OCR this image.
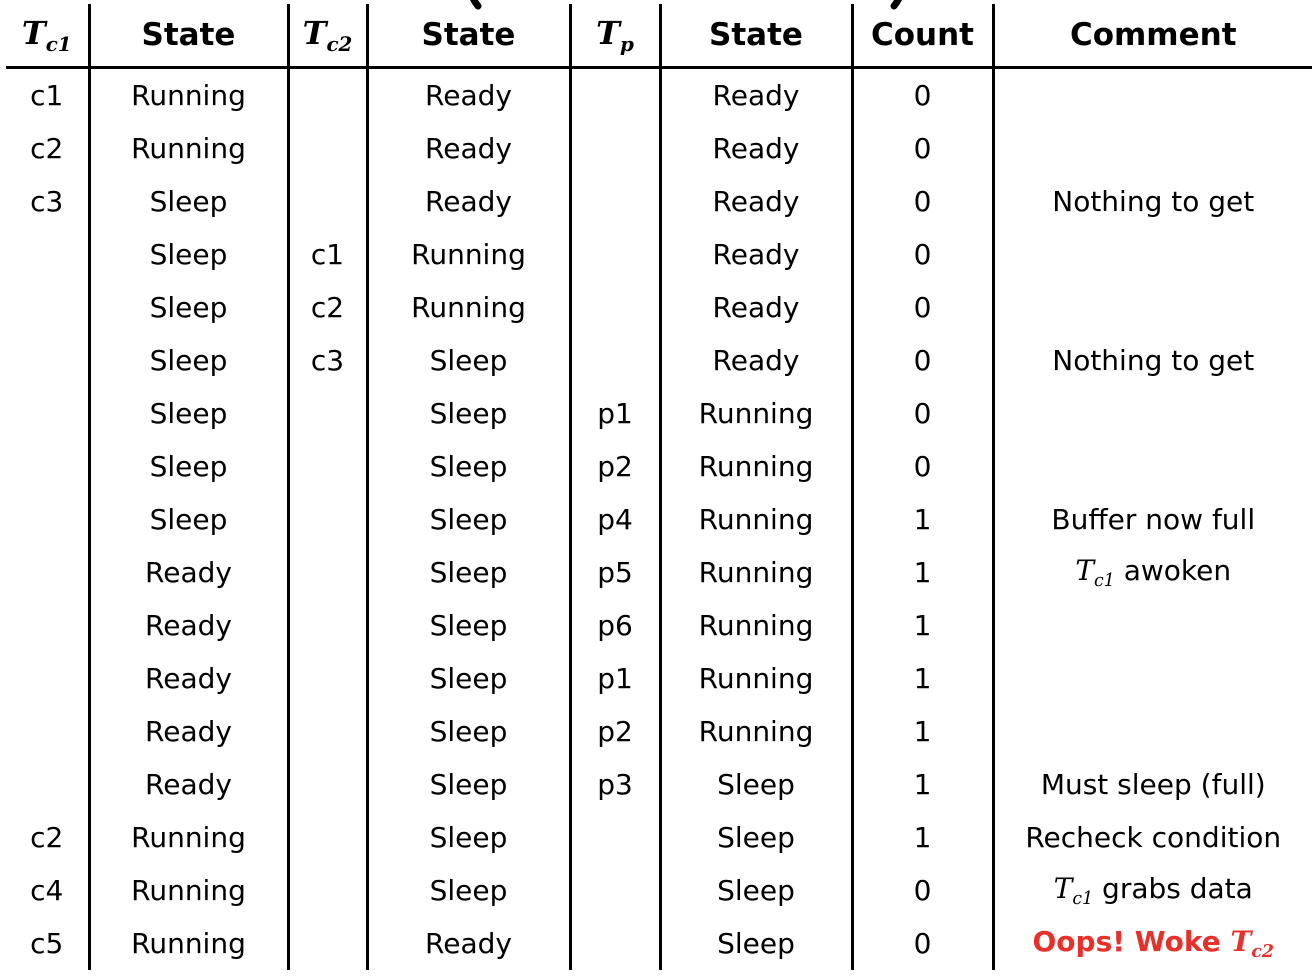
$T_{c1}$	State	$T_{c2}$	State	$T_p$	State	Count	Comment
c1	Running		Ready		Ready	0	
c2	Running		Ready		Ready	0	
c3	Sleep		Ready		Ready	0	Nothing to get
	Sleep	c1	Running		Ready	0	
	Sleep	c2	Running		Ready	0	
	Sleep	c3	Sleep		Ready	0	Nothing to get
	Sleep		Sleep	p1	Running	0	
	Sleep		Sleep	p2	Running	0	
	Sleep		Sleep	p4	Running	1	Buffer now full
	Ready		Sleep	p5	Running	1	$T_{c1}$ awoken
	Ready		Sleep	p6	Running	1	
	Ready		Sleep	p1	Running	1	
	Ready		Sleep	p2	Running	1	
	Ready		Sleep	p3	Sleep	1	Must sleep (full)
c2	Running		Sleep		Sleep	1	Recheck condition
c4	Running		Sleep		Sleep	0	$T_{c1}$ grabs data
c5	Running		Ready		Sleep	0	Oops! Woke $T_{c2}$
